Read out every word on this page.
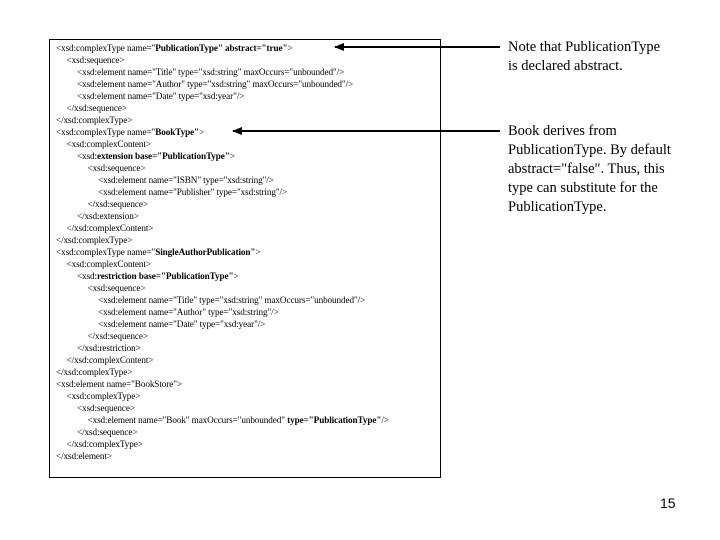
<xsd:complexType name="PublicationType" abstract="true">
<xsd:sequence>
<xsd:element name="Title" type="xsd:string" maxOccurs="unbounded"/>
<xsd:element name="Author" type="xsd:string" maxOccurs="unbounded"/>
<xsd:element name="Date" type="xsd:year"/>
</xsd:sequence>
</xsd:complexType>
<xsd:complexType name="BookType">
<xsd:complexContent>
<xsd:extension base="PublicationType">
<xsd:sequence>
<xsd:element name="ISBN" type="xsd:string"/>
<xsd:element name="Publisher" type="xsd:string"/>
</xsd:sequence>
</xsd:extension>
</xsd:complexContent>
</xsd:complexType>
<xsd:complexType name="SingleAuthorPublication">
<xsd:complexContent>
<xsd:restriction base="PublicationType">
<xsd:sequence>
<xsd:element name="Title" type="xsd:string" maxOccurs="unbounded"/>
<xsd:element name="Author" type="xsd:string"/>
<xsd:element name="Date" type="xsd:year"/>
</xsd:sequence>
</xsd:restriction>
</xsd:complexContent>
</xsd:complexType>
<xsd:element name="BookStore">
<xsd:complexType>
<xsd:sequence>
<xsd:element name="Book" maxOccurs="unbounded" type="PublicationType"/>
</xsd:sequence>
</xsd:complexType>
</xsd:element>
Note that PublicationType
is declared abstract.
Book derives from
PublicationType. By default
abstract="false". Thus, this
type can substitute for the
PublicationType.
15
